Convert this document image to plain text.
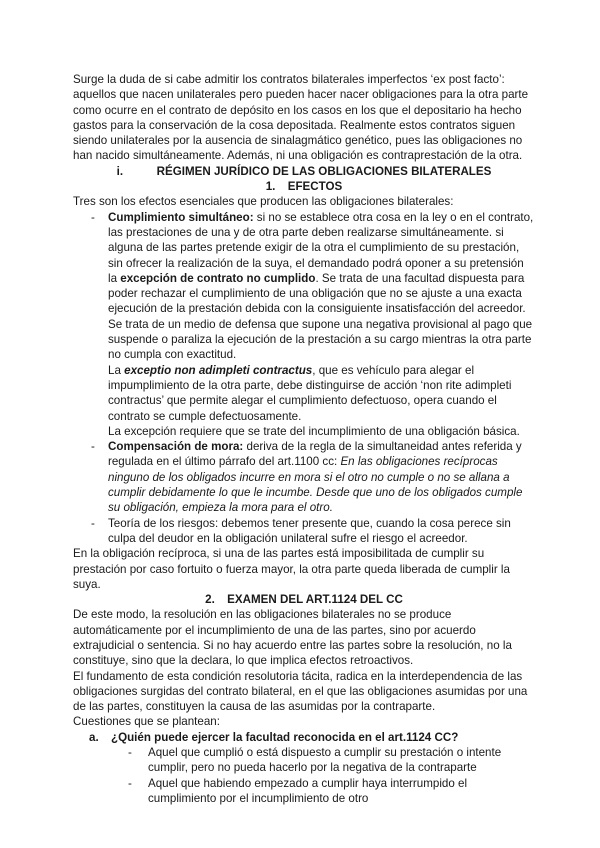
Surge la duda de si cabe admitir los contratos bilaterales imperfectos ‘ex post facto’: aquellos que nacen unilaterales pero pueden hacer nacer obligaciones para la otra parte como ocurre en el contrato de depósito en los casos en los que el depositario ha hecho gastos para la conservación de la cosa depositada. Realmente estos contratos siguen siendo unilaterales por la ausencia de sinalagmático genético, pues las obligaciones no han nacido simultáneamente. Además, ni una obligación es contraprestación de la otra.

i.	RÉGIMEN JURÍDICO DE LAS OBLIGACIONES BILATERALES
1.	EFECTOS

Tres son los efectos esenciales que producen las obligaciones bilaterales:

- Cumplimiento simultáneo: si no se establece otra cosa en la ley o en el contrato, las prestaciones de una y de otra parte deben realizarse simultáneamente. si alguna de las partes pretende exigir de la otra el cumplimiento de su prestación, sin ofrecer la realización de la suya, el demandado podrá oponer a su pretensión la excepción de contrato no cumplido. Se trata de una facultad dispuesta para poder rechazar el cumplimiento de una obligación que no se ajuste a una exacta ejecución de la prestación debida con la consiguiente insatisfacción del acreedor. Se trata de un medio de defensa que supone una negativa provisional al pago que suspende o paraliza la ejecución de la prestación a su cargo mientras la otra parte no cumpla con exactitud.

La exceptio non adimpleti contractus, que es vehículo para alegar el impumplimiento de la otra parte, debe distinguirse de acción ‘non rite adimpleti contractus’ que permite alegar el cumplimiento defectuoso, opera cuando el contrato se cumple defectuosamente.

La excepción requiere que se trate del incumplimiento de una obligación básica.

- Compensación de mora: deriva de la regla de la simultaneidad antes referida y regulada en el último párrafo del art.1100 cc: En las obligaciones recíprocas ninguno de los obligados incurre en mora si el otro no cumple o no se allana a cumplir debidamente lo que le incumbe. Desde que uno de los obligados cumple su obligación, empieza la mora para el otro.

- Teoría de los riesgos: debemos tener presente que, cuando la cosa perece sin culpa del deudor en la obligación unilateral sufre el riesgo el acreedor.

En la obligación recíproca, si una de las partes está imposibilitada de cumplir su prestación por caso fortuito o fuerza mayor, la otra parte queda liberada de cumplir la suya.

2.	EXAMEN DEL ART.1124 DEL CC

De este modo, la resolución en las obligaciones bilaterales no se produce automáticamente por el incumplimiento de una de las partes, sino por acuerdo extrajudicial o sentencia. Si no hay acuerdo entre las partes sobre la resolución, no la constituye, sino que la declara, lo que implica efectos retroactivos.

El fundamento de esta condición resolutoria tácita, radica en la interdependencia de las obligaciones surgidas del contrato bilateral, en el que las obligaciones asumidas por una de las partes, constituyen la causa de las asumidas por la contraparte.

Cuestiones que se plantean:

a. ¿Quién puede ejercer la facultad reconocida en el art.1124 CC?
- Aquel que cumplió o está dispuesto a cumplir su prestación o intente cumplir, pero no pueda hacerlo por la negativa de la contraparte

- Aquel que habiendo empezado a cumplir haya interrumpido el cumplimiento por el incumplimiento de otro
